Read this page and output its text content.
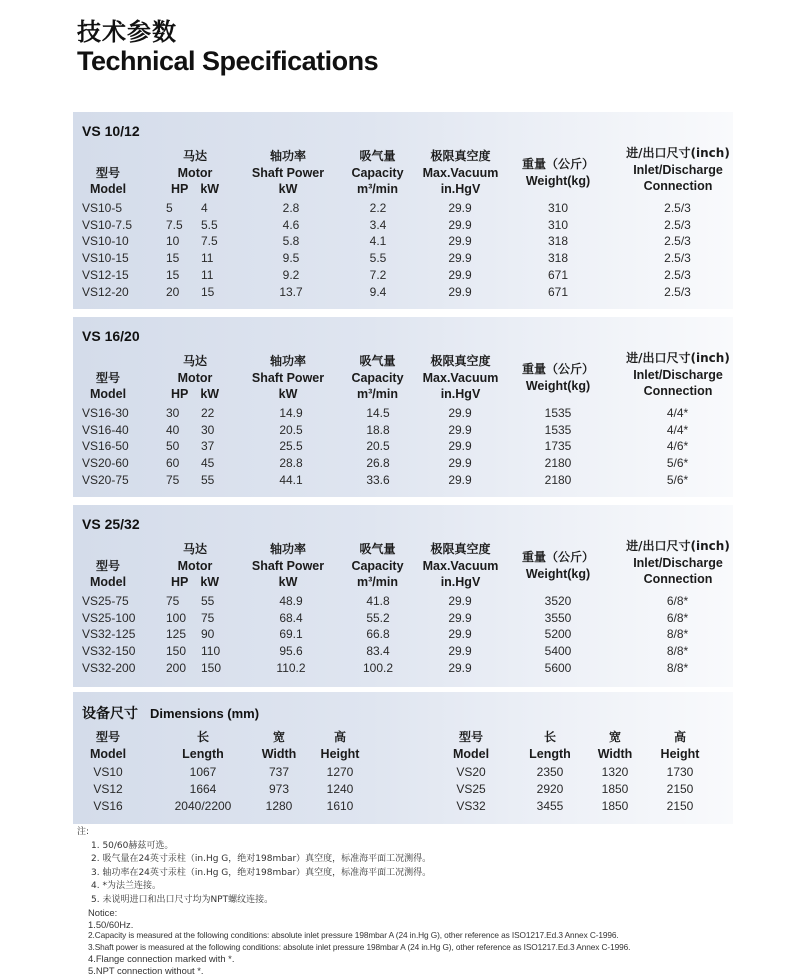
技术参数
Technical Specifications
VS 10/12
型号
Model
马达
Motor
HP kW
轴功率
Shaft Power
kW
吸气量
Capacity
m³/min
极限真空度
Max.Vacuum
in.HgV
重量（公斤）
Weight(kg)
进/出口尺寸(inch)
Inlet/Discharge
Connection
VS10-5	5	4	2.8	2.2	29.9	310	2.5/3
VS10-7.5	7.5	5.5	4.6	3.4	29.9	310	2.5/3
VS10-10	10	7.5	5.8	4.1	29.9	318	2.5/3
VS10-15	15	11	9.5	5.5	29.9	318	2.5/3
VS12-15	15	11	9.2	7.2	29.9	671	2.5/3
VS12-20	20	15	13.7	9.4	29.9	671	2.5/3
VS 16/20
型号
Model
马达
Motor
HP kW
轴功率
Shaft Power
kW
吸气量
Capacity
m³/min
极限真空度
Max.Vacuum
in.HgV
重量（公斤）
Weight(kg)
进/出口尺寸(inch)
Inlet/Discharge
Connection
VS16-30	30	22	14.9	14.5	29.9	1535	4/4*
VS16-40	40	30	20.5	18.8	29.9	1535	4/4*
VS16-50	50	37	25.5	20.5	29.9	1735	4/6*
VS20-60	60	45	28.8	26.8	29.9	2180	5/6*
VS20-75	75	55	44.1	33.6	29.9	2180	5/6*
VS 25/32
型号
Model
马达
Motor
HP kW
轴功率
Shaft Power
kW
吸气量
Capacity
m³/min
极限真空度
Max.Vacuum
in.HgV
重量（公斤）
Weight(kg)
进/出口尺寸(inch)
Inlet/Discharge
Connection
VS25-75	75	55	48.9	41.8	29.9	3520	6/8*
VS25-100	100	75	68.4	55.2	29.9	3550	6/8*
VS32-125	125	90	69.1	66.8	29.9	5200	8/8*
VS32-150	150	110	95.6	83.4	29.9	5400	8/8*
VS32-200	200	150	110.2	100.2	29.9	5600	8/8*
设备尺寸 Dimensions (mm)
型号
Model
长
Length
宽
Width
高
Height
型号
Model
长
Length
宽
Width
高
Height
VS10	1067	737	1270
VS12	1664	973	1240
VS16	2040/2200	1280	1610
VS20	2350	1320	1730
VS25	2920	1850	2150
VS32	3455	1850	2150
注:
1. 50/60赫兹可选。
2. 吸气量在24英寸汞柱（in.Hg G，绝对198mbar）真空度，标准海平面工况测得。
3. 轴功率在24英寸汞柱（in.Hg G，绝对198mbar）真空度，标准海平面工况测得。
4. *为法兰连接。
5. 未说明进口和出口尺寸均为NPT螺纹连接。
Notice:
1.50/60Hz.
2.Capacity is measured at the following conditions: absolute inlet pressure 198mbar A (24 in.Hg G), other reference as ISO1217.Ed.3 Annex C-1996.
3.Shaft power is measured at the following conditions: absolute inlet pressure 198mbar A (24 in.Hg G), other reference as ISO1217.Ed.3 Annex C-1996.
4.Flange connection marked with *.
5.NPT connection without *.
